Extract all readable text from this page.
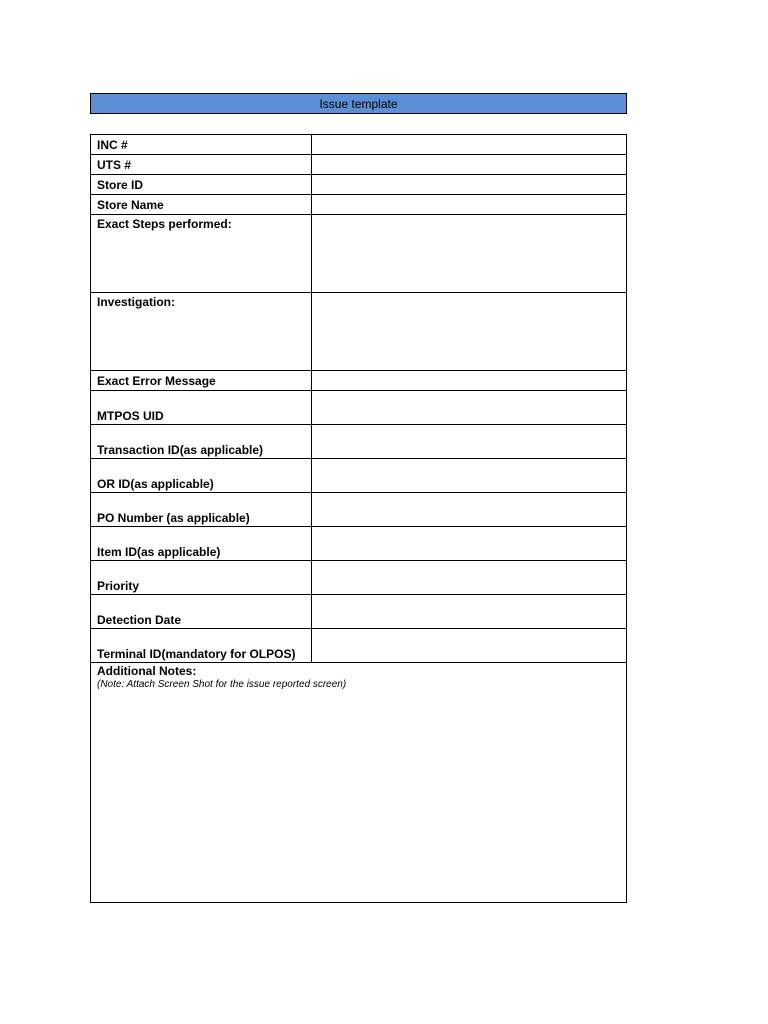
Issue template
INC #	
UTS #	
Store ID	
Store Name	
Exact Steps performed:	
Investigation:	
Exact Error Message	
MTPOS UID	
Transaction ID(as applicable)	
OR ID(as applicable)	
PO Number (as applicable)	
Item ID(as applicable)	
Priority	
Detection Date	
Terminal ID(mandatory for OLPOS)	

Additional Notes:
(Note: Attach Screen Shot for the issue reported screen)	
